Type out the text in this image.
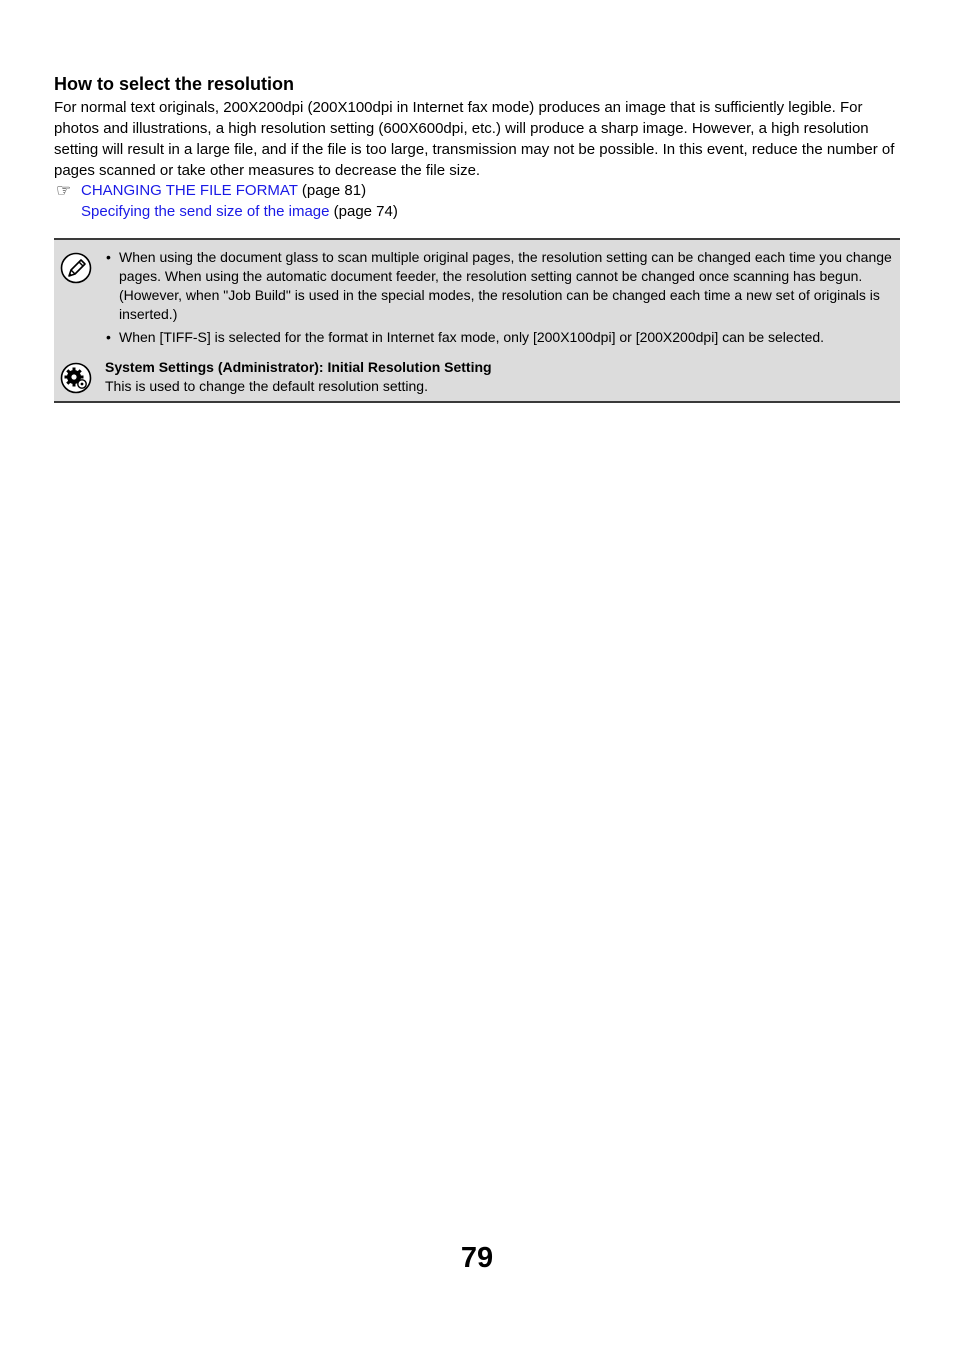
How to select the resolution

For normal text originals, 200X200dpi (200X100dpi in Internet fax mode) produces an image that is sufficiently legible. For photos and illustrations, a high resolution setting (600X600dpi, etc.) will produce a sharp image. However, a high resolution setting will result in a large file, and if the file is too large, transmission may not be possible. In this event, reduce the number of pages scanned or take other measures to decrease the file size.

☞ CHANGING THE FILE FORMAT (page 81)
Specifying the send size of the image (page 74)
• When using the document glass to scan multiple original pages, the resolution setting can be changed each time you change pages. When using the automatic document feeder, the resolution setting cannot be changed once scanning has begun. (However, when "Job Build" is used in the special modes, the resolution can be changed each time a new set of originals is inserted.)
• When [TIFF-S] is selected for the format in Internet fax mode, only [200X100dpi] or [200X200dpi] can be selected.
System Settings (Administrator): Initial Resolution Setting
This is used to change the default resolution setting.
79
